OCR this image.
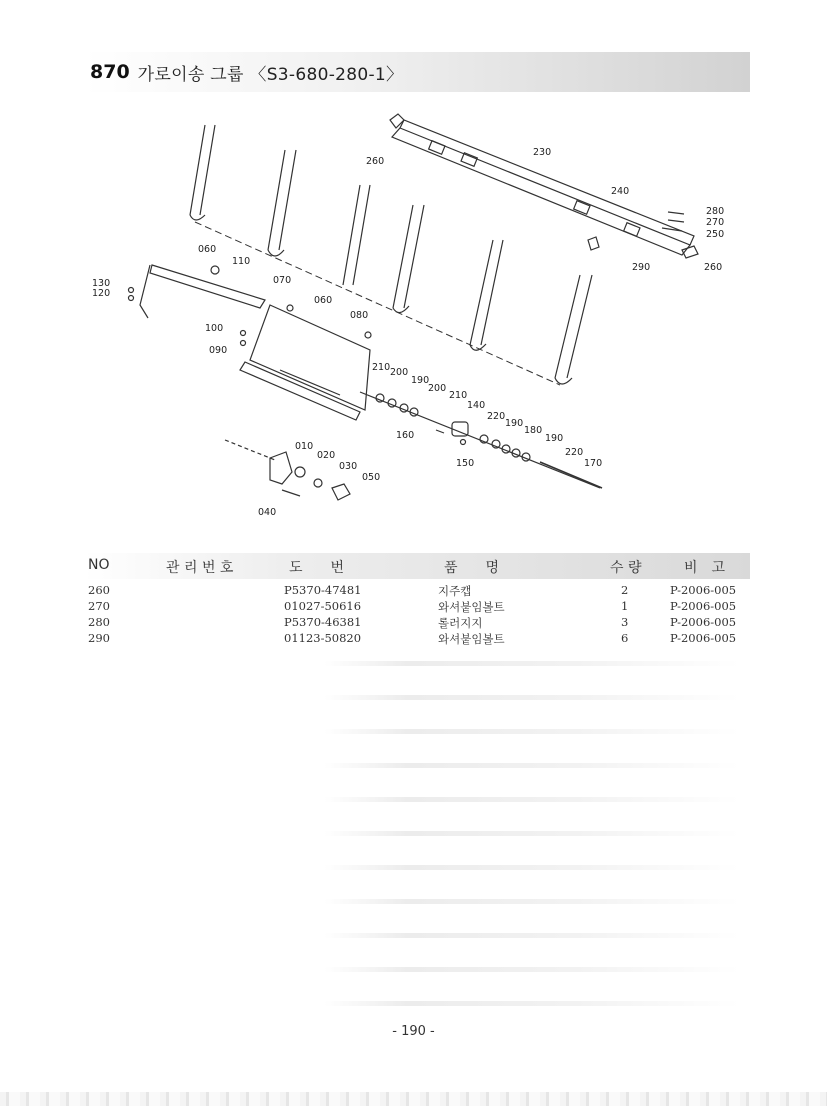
870 가로이송 그룹 〈S3-680-280-1〉
260
230
240
280
270
250
290	260
060
110
130
120
070
060
080
100
090
210 200
190
200
210
140
220
190
180
190
160
150
220
170
010
020
030
050
040
NO	관 리 번 호	도　　번	품　　명	수 량	비　고
260	P5370-47481	지주캡	2	P-2006-005
270	01027-50616	와셔붙임볼트	1	P-2006-005
280	P5370-46381	롤러지지	3	P-2006-005
290	01123-50820	와셔붙임볼트	6	P-2006-005
- 190 -
